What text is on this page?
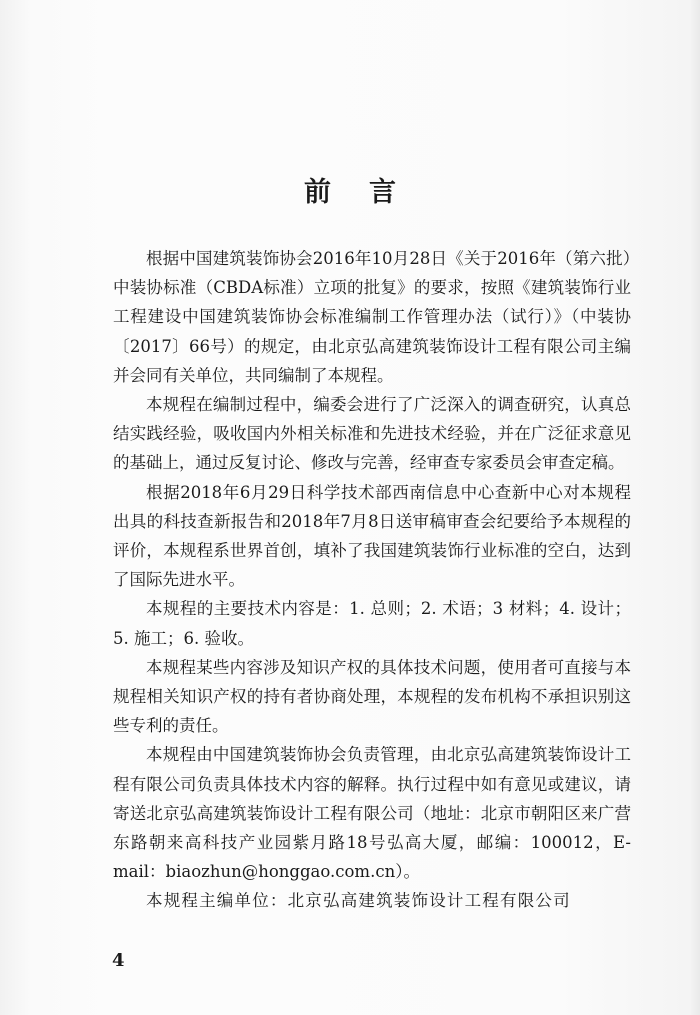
前言

根据中国建筑装饰协会2016年10月28日《关于2016年（第六批）中装协标准（CBDA标准）立项的批复》的要求，按照《建筑装饰行业工程建设中国建筑装饰协会标准编制工作管理办法（试行）》（中装协〔2017〕66号）的规定，由北京弘高建筑装饰设计工程有限公司主编并会同有关单位，共同编制了本规程。

本规程在编制过程中，编委会进行了广泛深入的调查研究，认真总结实践经验，吸收国内外相关标准和先进技术经验，并在广泛征求意见的基础上，通过反复讨论、修改与完善，经审查专家委员会审查定稿。

根据2018年6月29日科学技术部西南信息中心查新中心对本规程出具的科技查新报告和2018年7月8日送审稿审查会纪要给予本规程的评价，本规程系世界首创，填补了我国建筑装饰行业标准的空白，达到了国际先进水平。

本规程的主要技术内容是：1. 总则；2. 术语；3 材料；4. 设计；5. 施工；6. 验收。

本规程某些内容涉及知识产权的具体技术问题，使用者可直接与本规程相关知识产权的持有者协商处理，本规程的发布机构不承担识别这些专利的责任。

本规程由中国建筑装饰协会负责管理，由北京弘高建筑装饰设计工程有限公司负责具体技术内容的解释。执行过程中如有意见或建议，请寄送北京弘高建筑装饰设计工程有限公司（地址：北京市朝阳区来广营东路朝来高科技产业园紫月路18号弘高大厦，邮编：100012，E-mail：biaozhun@honggao.com.cn）。

本规程主编单位：北京弘高建筑装饰设计工程有限公司

4
